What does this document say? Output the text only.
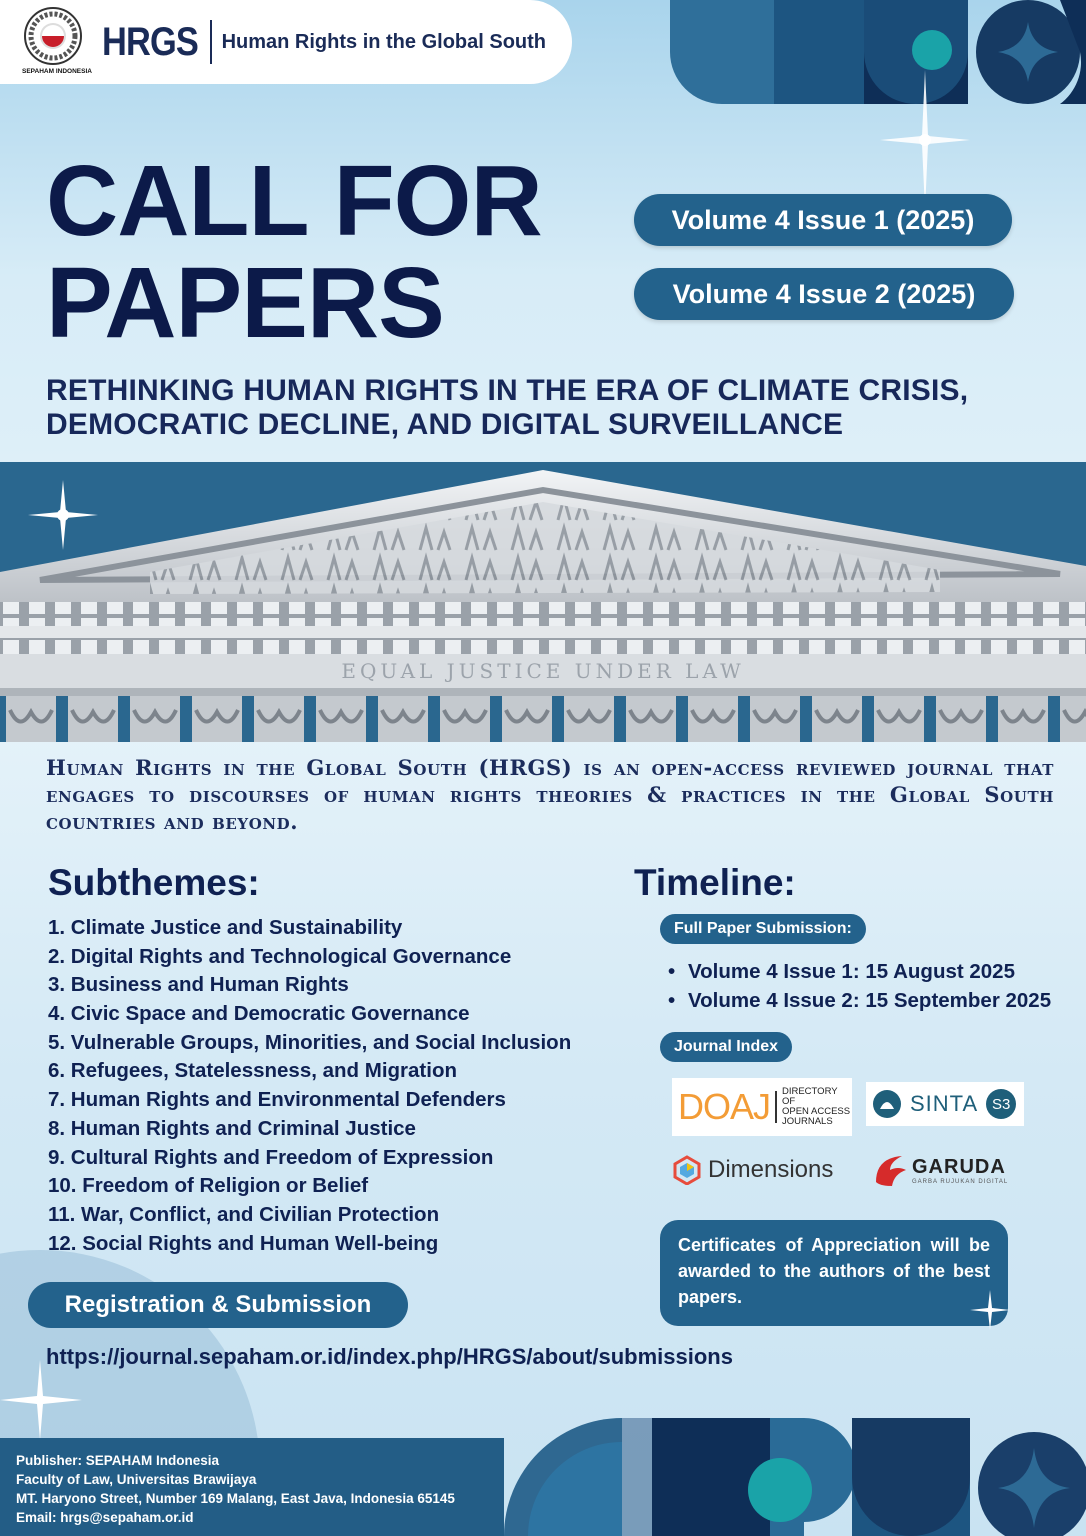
SEPAHAM INDONESIA
HRGS Human Rights in the Global South
CALL FOR
PAPERS
Volume 4 Issue 1 (2025)
Volume 4 Issue 2 (2025)
RETHINKING HUMAN RIGHTS IN THE ERA OF CLIMATE CRISIS,
DEMOCRATIC DECLINE, AND DIGITAL SURVEILLANCE
EQUAL JUSTICE UNDER LAW
Human Rights in the Global South (HRGS) is an open-access reviewed journal that engages to discourses of human rights theories & practices in the Global South countries and beyond.
Subthemes:
1. Climate Justice and Sustainability
2. Digital Rights and Technological Governance
3. Business and Human Rights
4. Civic Space and Democratic Governance
5. Vulnerable Groups, Minorities, and Social Inclusion
6. Refugees, Statelessness, and Migration
7. Human Rights and Environmental Defenders
8. Human Rights and Criminal Justice
9. Cultural Rights and Freedom of Expression
10. Freedom of Religion or Belief
11. War, Conflict, and Civilian Protection
12. Social Rights and Human Well-being
Timeline:
Full Paper Submission:
• Volume 4 Issue 1: 15 August 2025
• Volume 4 Issue 2: 15 September 2025
Journal Index
DOAJ DIRECTORY OF
OPEN ACCESS
JOURNALS
SINTA S3
Dimensions	GARUDA
GARBA RUJUKAN DIGITAL
Certificates of Appreciation will be awarded to the authors of the best papers.
Registration & Submission
https://journal.sepaham.or.id/index.php/HRGS/about/submissions
Publisher: SEPAHAM Indonesia
Faculty of Law, Universitas Brawijaya
MT. Haryono Street, Number 169 Malang, East Java, Indonesia 65145
Email: hrgs@sepaham.or.id
